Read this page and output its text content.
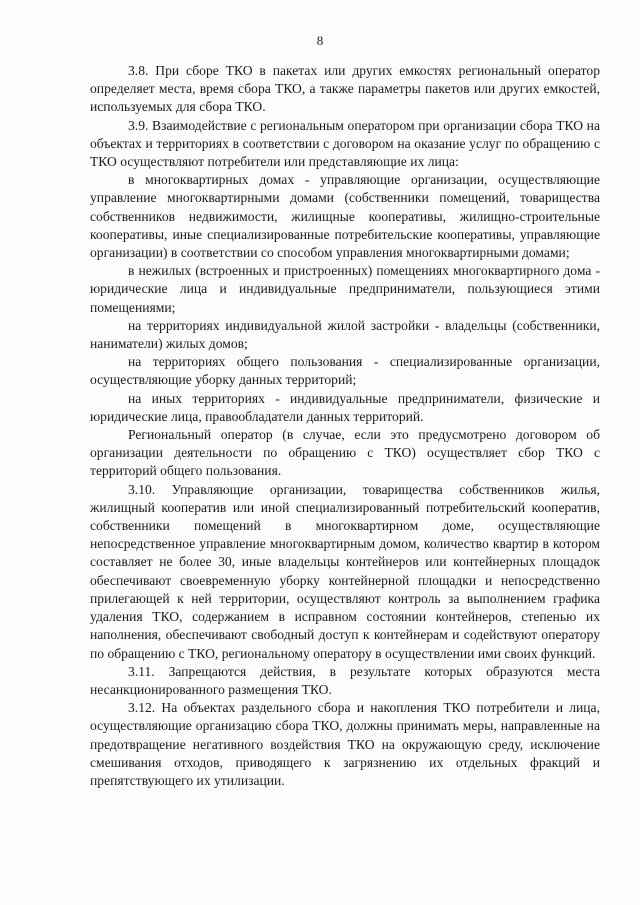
8

3.8. При сборе ТКО в пакетах или других емкостях региональный оператор определяет места, время сбора ТКО, а также параметры пакетов или других емкостей, используемых для сбора ТКО.

3.9. Взаимодействие с региональным оператором при организации сбора ТКО на объектах и территориях в соответствии с договором на оказание услуг по обращению с ТКО осуществляют потребители или представляющие их лица:

в многоквартирных домах - управляющие организации, осуществляющие управление многоквартирными домами (собственники помещений, товарищества собственников недвижимости, жилищные кооперативы, жилищно-строительные кооперативы, иные специализированные потребительские кооперативы, управляющие организации) в соответствии со способом управления многоквартирными домами;

в нежилых (встроенных и пристроенных) помещениях многоквартирного дома - юридические лица и индивидуальные предприниматели, пользующиеся этими помещениями;

на территориях индивидуальной жилой застройки - владельцы (собственники, наниматели) жилых домов;

на территориях общего пользования - специализированные организации, осуществляющие уборку данных территорий;

на иных территориях - индивидуальные предприниматели, физические и юридические лица, правообладатели данных территорий.

Региональный оператор (в случае, если это предусмотрено договором об организации деятельности по обращению с ТКО) осуществляет сбор ТКО с территорий общего пользования.

3.10. Управляющие организации, товарищества собственников жилья, жилищный кооператив или иной специализированный потребительский кооператив, собственники помещений в многоквартирном доме, осуществляющие непосредственное управление многоквартирным домом, количество квартир в котором составляет не более 30, иные владельцы контейнеров или контейнерных площадок обеспечивают своевременную уборку контейнерной площадки и непосредственно прилегающей к ней территории, осуществляют контроль за выполнением графика удаления ТКО, содержанием в исправном состоянии контейнеров, степенью их наполнения, обеспечивают свободный доступ к контейнерам и содействуют оператору по обращению с ТКО, региональному оператору в осуществлении ими своих функций.

3.11. Запрещаются действия, в результате которых образуются места несанкционированного размещения ТКО.

3.12. На объектах раздельного сбора и накопления ТКО потребители и лица, осуществляющие организацию сбора ТКО, должны принимать меры, направленные на предотвращение негативного воздействия ТКО на окружающую среду, исключение смешивания отходов, приводящего к загрязнению их отдельных фракций и препятствующего их утилизации.
